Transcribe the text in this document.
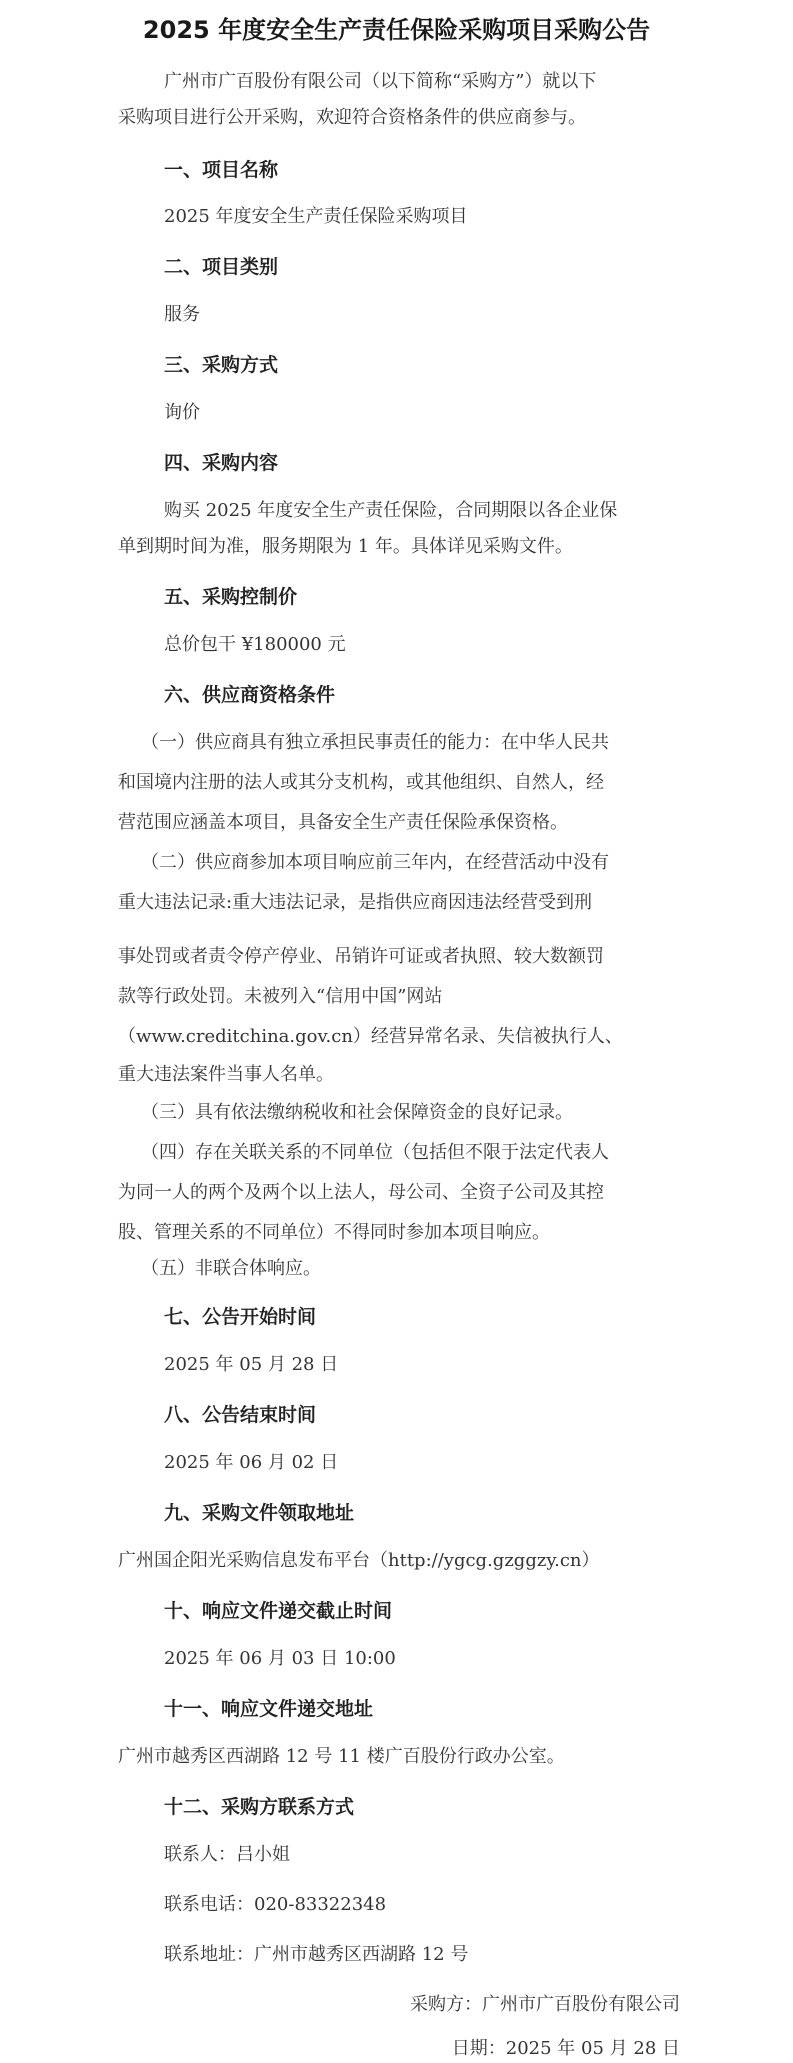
2025 年度安全生产责任保险采购项目采购公告

广州市广百股份有限公司（以下简称“采购方”）就以下

采购项目进行公开采购，欢迎符合资格条件的供应商参与。

一、项目名称

2025 年度安全生产责任保险采购项目

二、项目类别

服务

三、采购方式

询价

四、采购内容

购买 2025 年度安全生产责任保险，合同期限以各企业保

单到期时间为准，服务期限为 1 年。具体详见采购文件。

五、采购控制价

总价包干 ¥180000 元

六、供应商资格条件

（一）供应商具有独立承担民事责任的能力：在中华人民共

和国境内注册的法人或其分支机构，或其他组织、自然人，经

营范围应涵盖本项目，具备安全生产责任保险承保资格。

（二）供应商参加本项目响应前三年内，在经营活动中没有

重大违法记录:重大违法记录，是指供应商因违法经营受到刑

事处罚或者责令停产停业、吊销许可证或者执照、较大数额罚

款等行政处罚。未被列入“信用中国”网站

（www.creditchina.gov.cn）经营异常名录、失信被执行人、

重大违法案件当事人名单。

（三）具有依法缴纳税收和社会保障资金的良好记录。

（四）存在关联关系的不同单位（包括但不限于法定代表人

为同一人的两个及两个以上法人，母公司、全资子公司及其控

股、管理关系的不同单位）不得同时参加本项目响应。

（五）非联合体响应。

七、公告开始时间

2025 年 05 月 28 日

八、公告结束时间

2025 年 06 月 02 日

九、采购文件领取地址

广州国企阳光采购信息发布平台（http://ygcg.gzggzy.cn）

十、响应文件递交截止时间

2025 年 06 月 03 日 10:00

十一、响应文件递交地址

广州市越秀区西湖路 12 号 11 楼广百股份行政办公室。

十二、采购方联系方式

联系人：吕小姐

联系电话：020-83322348

联系地址：广州市越秀区西湖路 12 号

采购方：广州市广百股份有限公司

日期：2025 年 05 月 28 日
